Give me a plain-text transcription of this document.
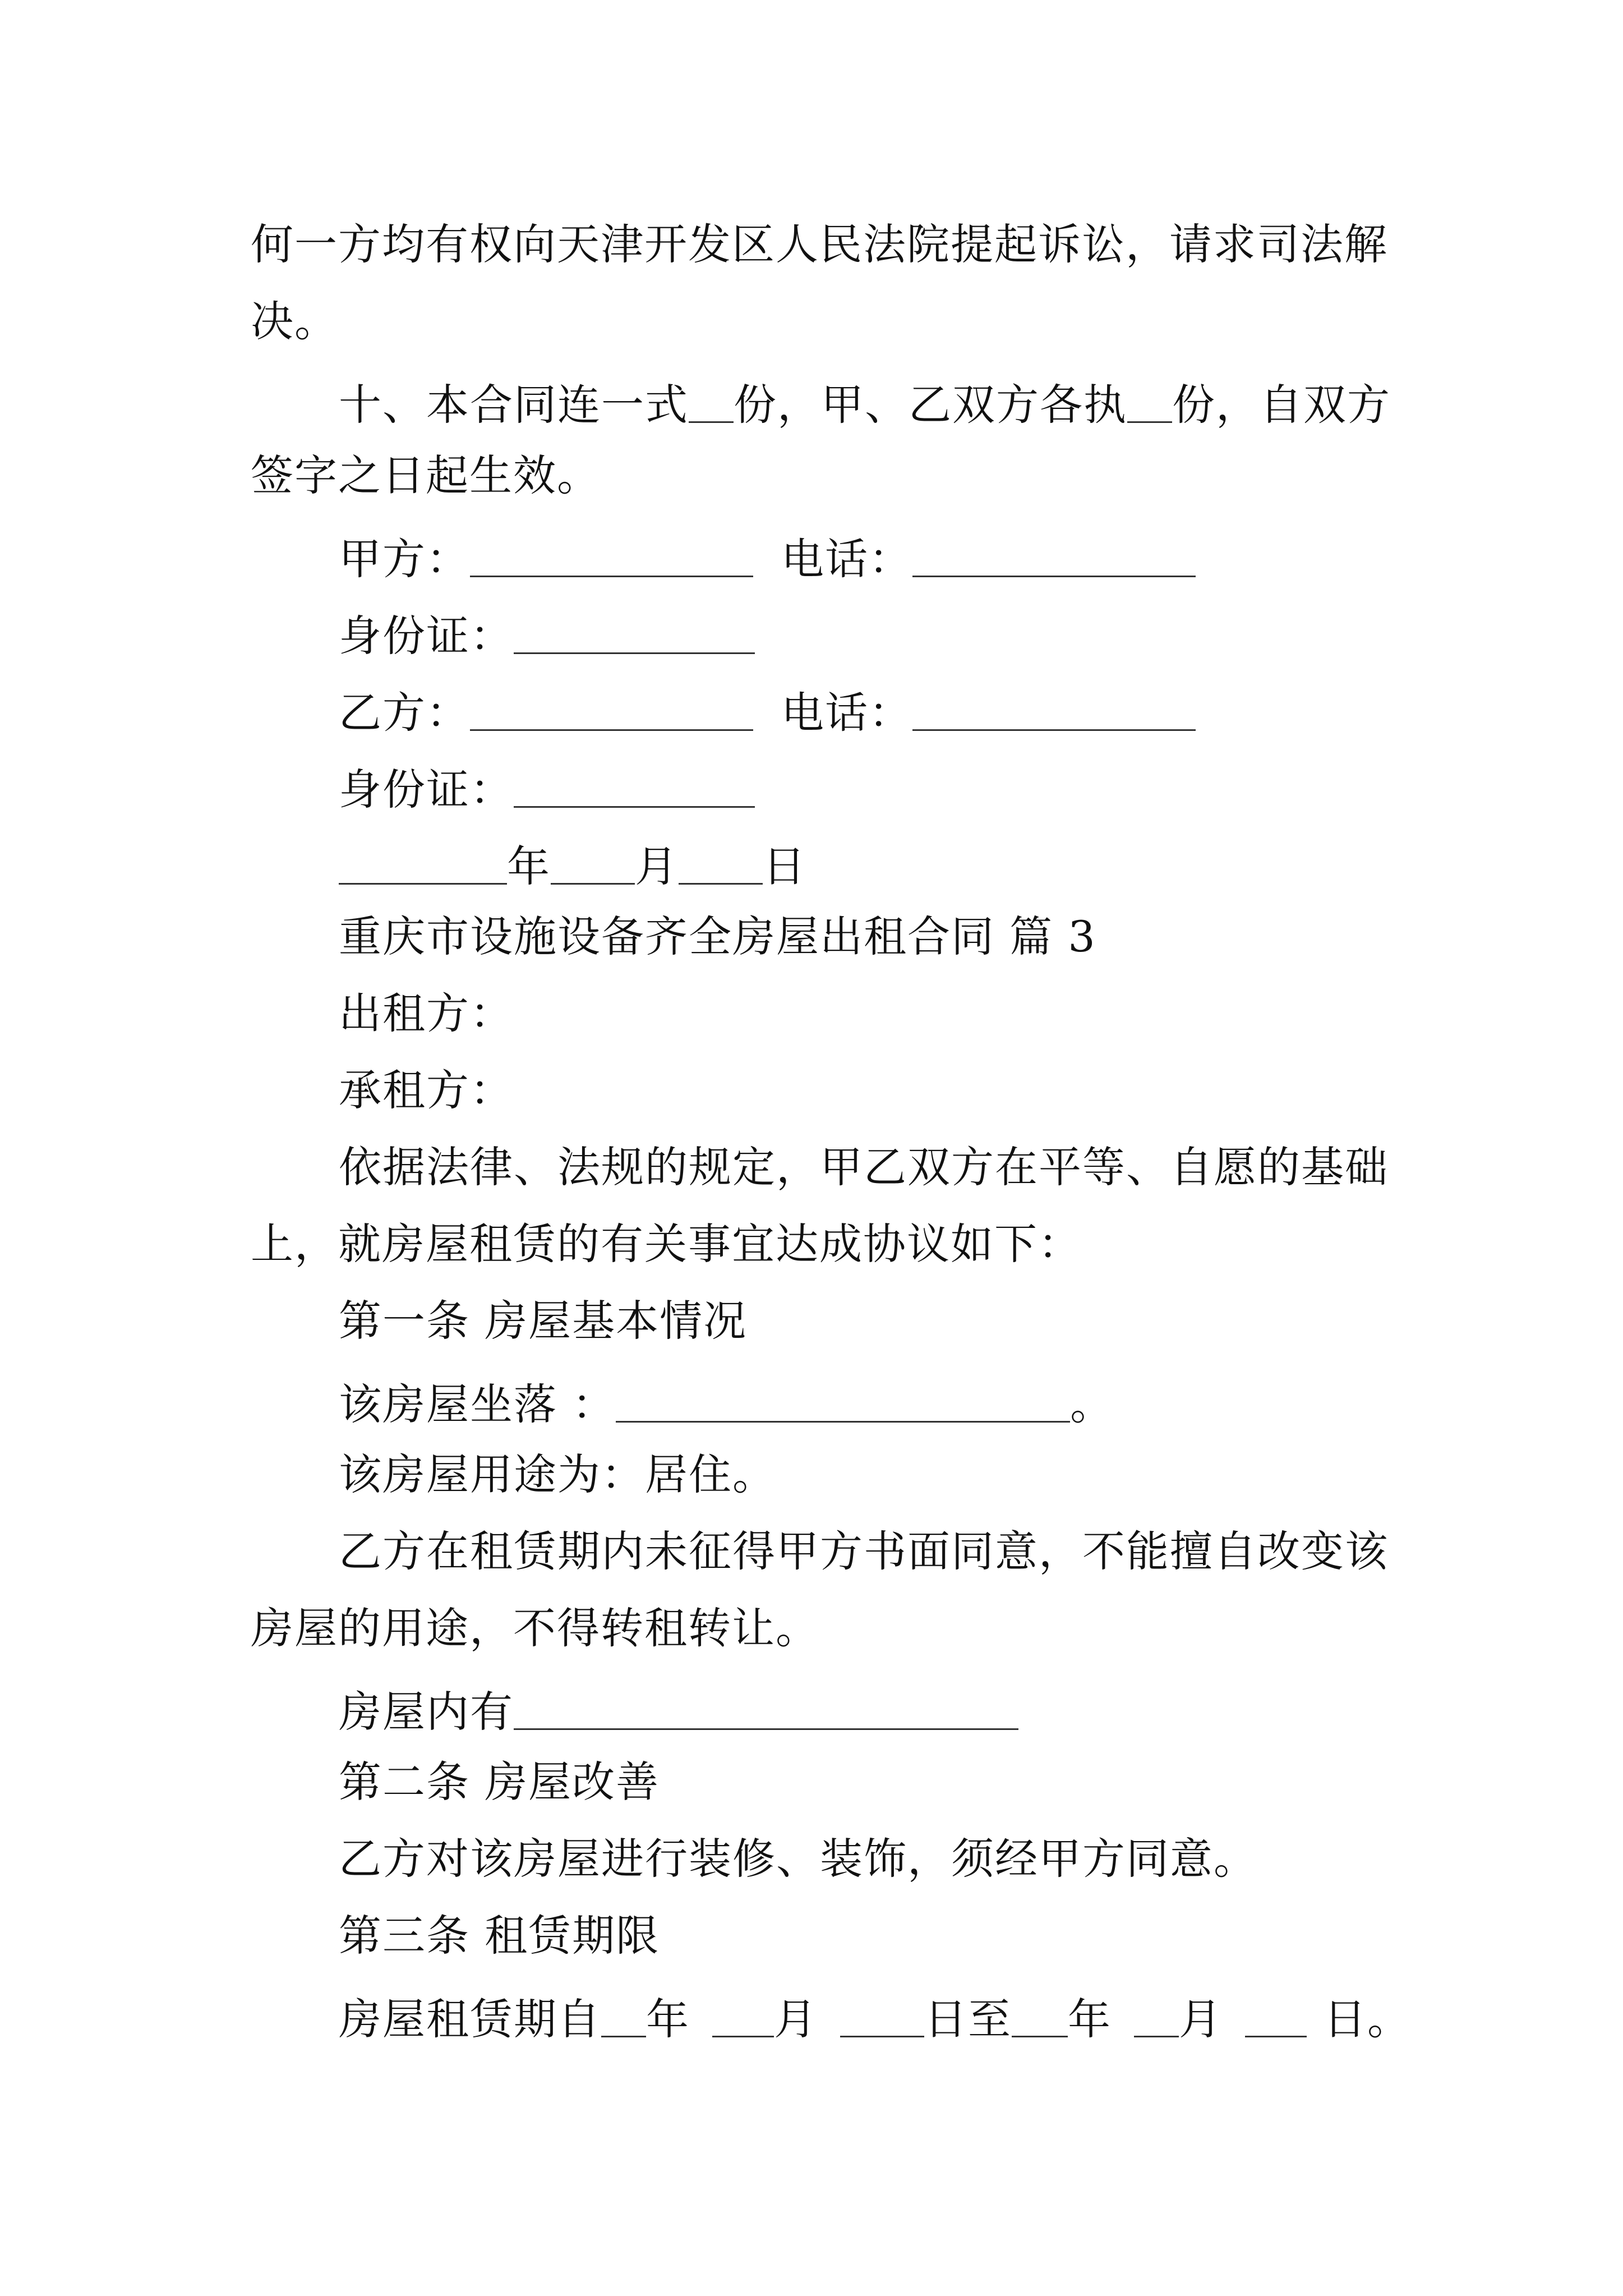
何一方均有权向天津开发区人民法院提起诉讼，请求司法解
决。
十、本合同连一式 份，甲、乙双方各执 份，自双方
签字之日起生效。
甲方：	电话：
身份证：
乙方：	电话：
身份证：
年 月 日
重庆市设施设备齐全房屋出租合同 篇 3
出租方：
承租方：
依据法律、法规的规定，甲乙双方在平等、自愿的基础
上，就房屋租赁的有关事宜达成协议如下：
第一条 房屋基本情况
该房屋坐落 ：	。
该房屋用途为：居住。
乙方在租赁期内未征得甲方书面同意，不能擅自改变该
房屋的用途，不得转租转让。
房屋内有
第二条 房屋改善
乙方对该房屋进行装修、装饰，须经甲方同意。
第三条 租赁期限
房屋租赁期自 年 月	日至 年 月 日。
